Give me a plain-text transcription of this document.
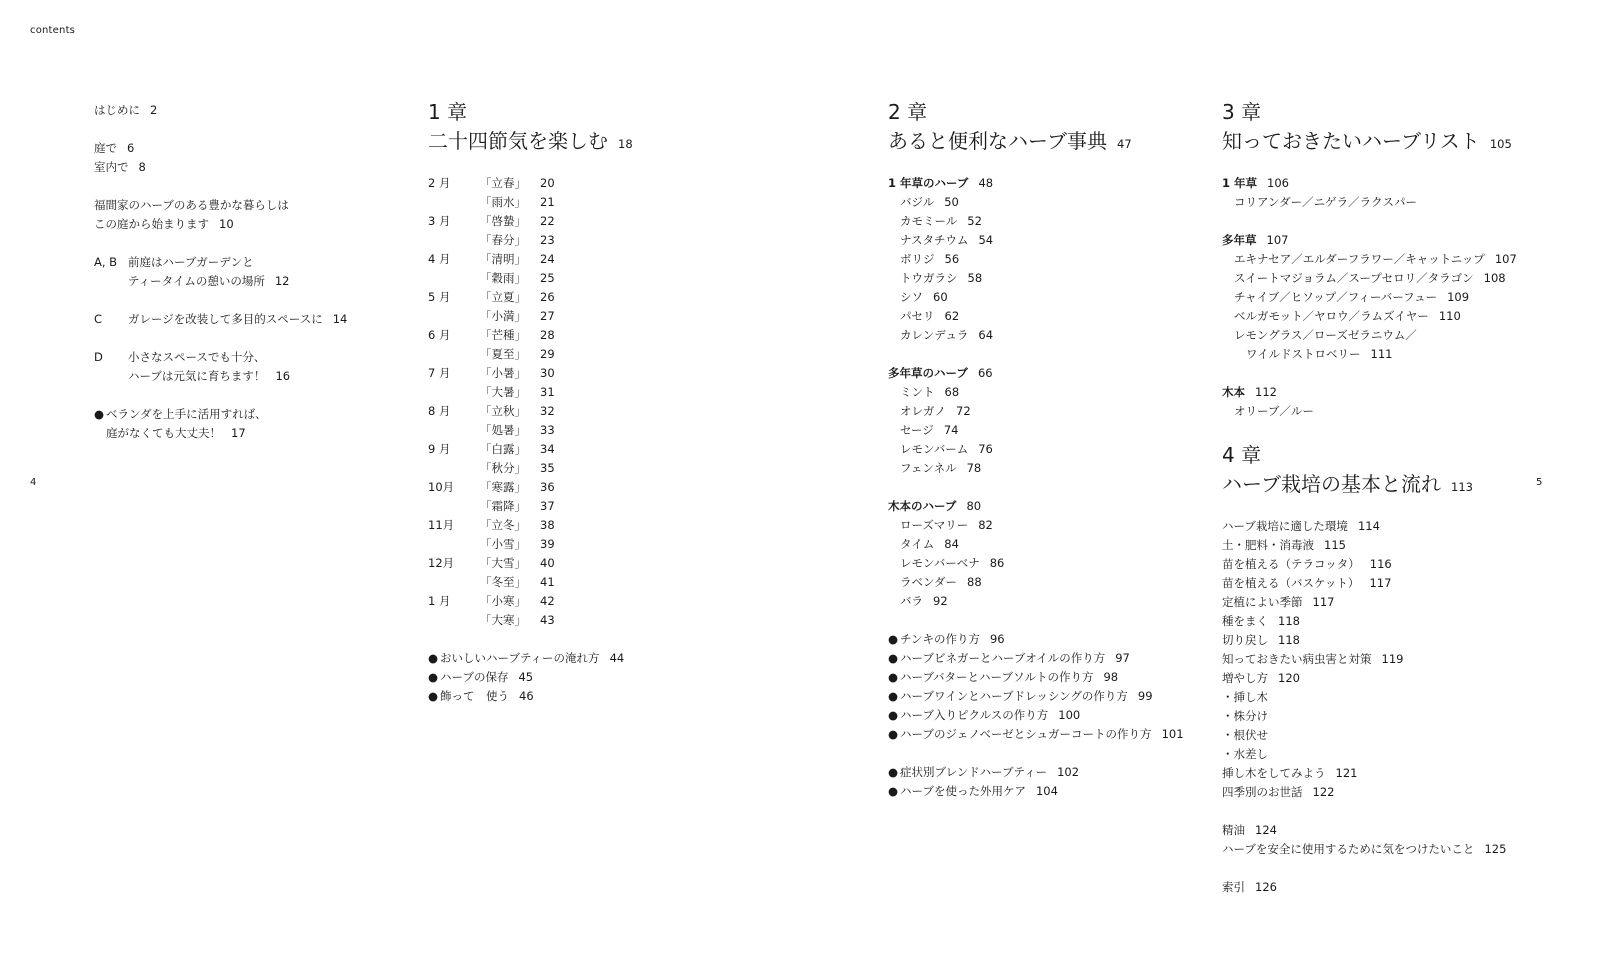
contents
4	5
はじめに 2
庭で 6
室内で 8
福間家のハーブのある豊かな暮らしは
この庭から始まります 10
A, B 前庭はハーブガーデンと
ティータイムの憩いの場所 12
C ガレージを改装して多目的スペースに 14
D 小さなスペースでも十分、
ハーブは元気に育ちます！ 16
● ベランダを上手に活用すれば、
庭がなくても大丈夫！ 17
1 章
二十四節気を楽しむ 18
2 月	「立春」 20
「雨水」 21
3 月	「啓蟄」 22
「春分」 23
4 月	「清明」 24
「穀雨」 25
5 月	「立夏」 26
「小満」 27
6 月	「芒種」 28
「夏至」 29
7 月	「小暑」 30
「大暑」 31
8 月	「立秋」 32
「処暑」 33
9 月	「白露」 34
「秋分」 35
10月 「寒露」 36
「霜降」 37
11月 「立冬」 38
「小雪」 39
12月 「大雪」 40
「冬至」 41
1 月	「小寒」 42
「大寒」 43
● おいしいハーブティーの淹れ方 44
● ハーブの保存 45
● 飾って　使う 46
2 章
あると便利なハーブ事典 47
1 年草のハーブ 48
バジル 50
カモミール 52
ナスタチウム 54
ボリジ 56
トウガラシ 58
シソ 60
パセリ 62
カレンデュラ 64
多年草のハーブ 66
ミント 68
オレガノ 72
セージ 74
レモンバーム 76
フェンネル 78
木本のハーブ 80
ローズマリー 82
タイム 84
レモンバーベナ 86
ラベンダー 88
バラ 92
● チンキの作り方 96
● ハーブビネガーとハーブオイルの作り方 97
● ハーブバターとハーブソルトの作り方 98
● ハーブワインとハーブドレッシングの作り方 99
● ハーブ入りピクルスの作り方 100
● ハーブのジェノベーゼとシュガーコートの作り方 101
● 症状別ブレンドハーブティー 102
● ハーブを使った外用ケア 104
3 章
知っておきたいハーブリスト 105
1 年草 106
コリアンダー／ニゲラ／ラクスパー
多年草 107
エキナセア／エルダーフラワー／キャットニップ 107
スイートマジョラム／スープセロリ／タラゴン 108
チャイブ／ヒソップ／フィーバーフュー 109
ベルガモット／ヤロウ／ラムズイヤー 110
レモングラス／ローズゼラニウム／
ワイルドストロベリー 111
木本 112
オリーブ／ルー
4 章
ハーブ栽培の基本と流れ 113
ハーブ栽培に適した環境 114
土・肥料・消毒液 115
苗を植える（テラコッタ） 116
苗を植える（バスケット） 117
定植によい季節 117
種をまく 118
切り戻し 118
知っておきたい病虫害と対策 119
増やし方 120
・挿し木
・株分け
・根伏せ
・水差し
挿し木をしてみよう 121
四季別のお世話 122
精油 124
ハーブを安全に使用するために気をつけたいこと 125
索引 126
